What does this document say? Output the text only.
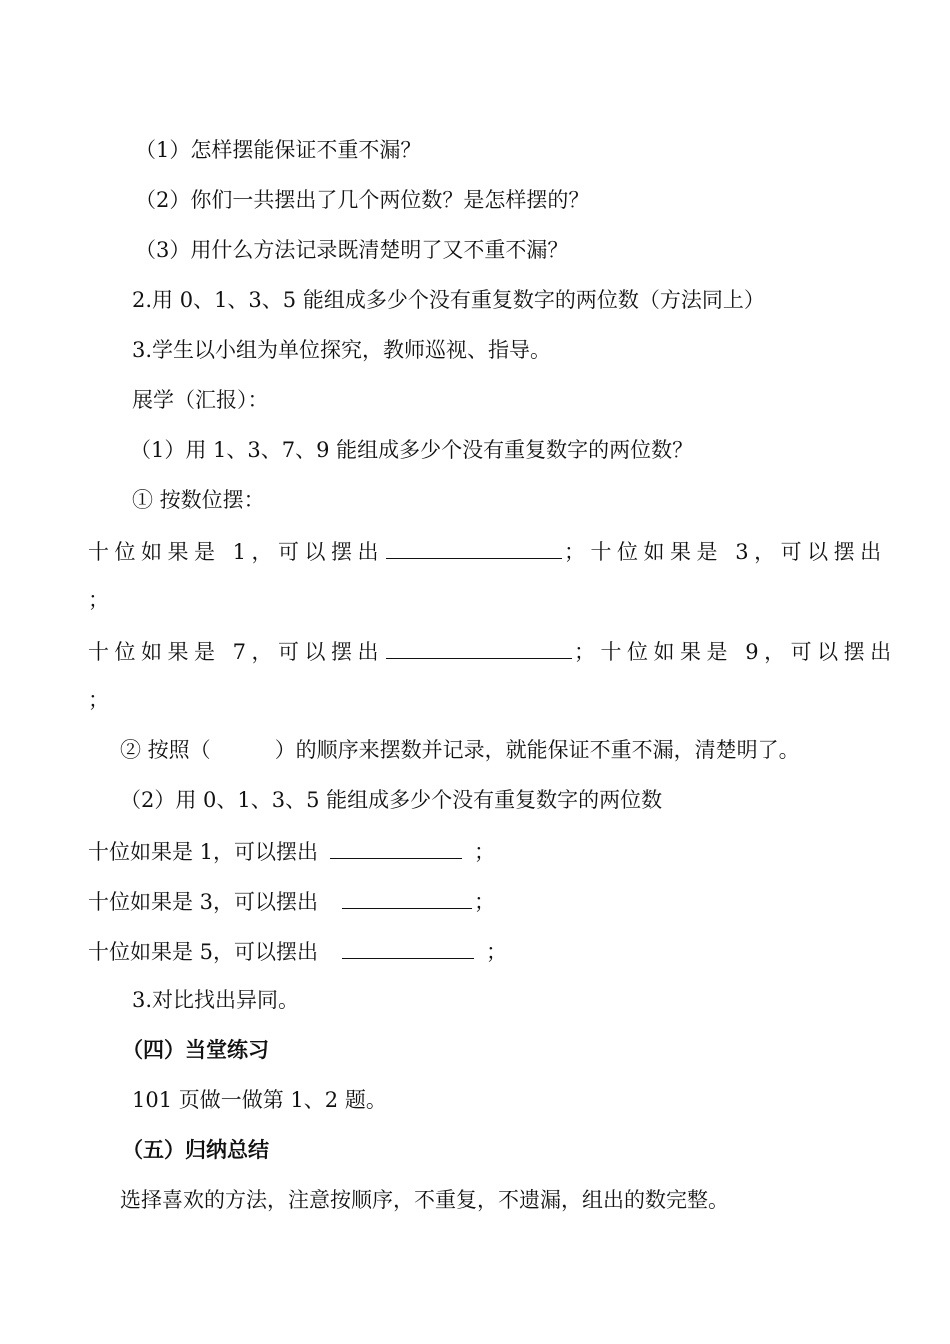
（1）怎样摆能保证不重不漏？
（2）你们一共摆出了几个两位数？是怎样摆的？
（3）用什么方法记录既清楚明了又不重不漏？
2.用 0、1、3、5 能组成多少个没有重复数字的两位数（方法同上）
3.学生以小组为单位探究，教师巡视、指导。
展学（汇报）：
（1）用 1、3、7、9 能组成多少个没有重复数字的两位数？
① 按数位摆：
十位如果是 1，可以摆出	；十位如果是 3，可以摆出
；
十位如果是 7，可以摆出	；十位如果是 9，可以摆出
；
② 按照（	）的顺序来摆数并记录，就能保证不重不漏，清楚明了。
（2）用 0、1、3、5 能组成多少个没有重复数字的两位数
十位如果是 1，可以摆出	；
十位如果是 3，可以摆出	；
十位如果是 5，可以摆出	；
3.对比找出异同。
（四）当堂练习
101 页做一做第 1、2 题。
（五）归纳总结
选择喜欢的方法，注意按顺序，不重复，不遗漏，组出的数完整。
